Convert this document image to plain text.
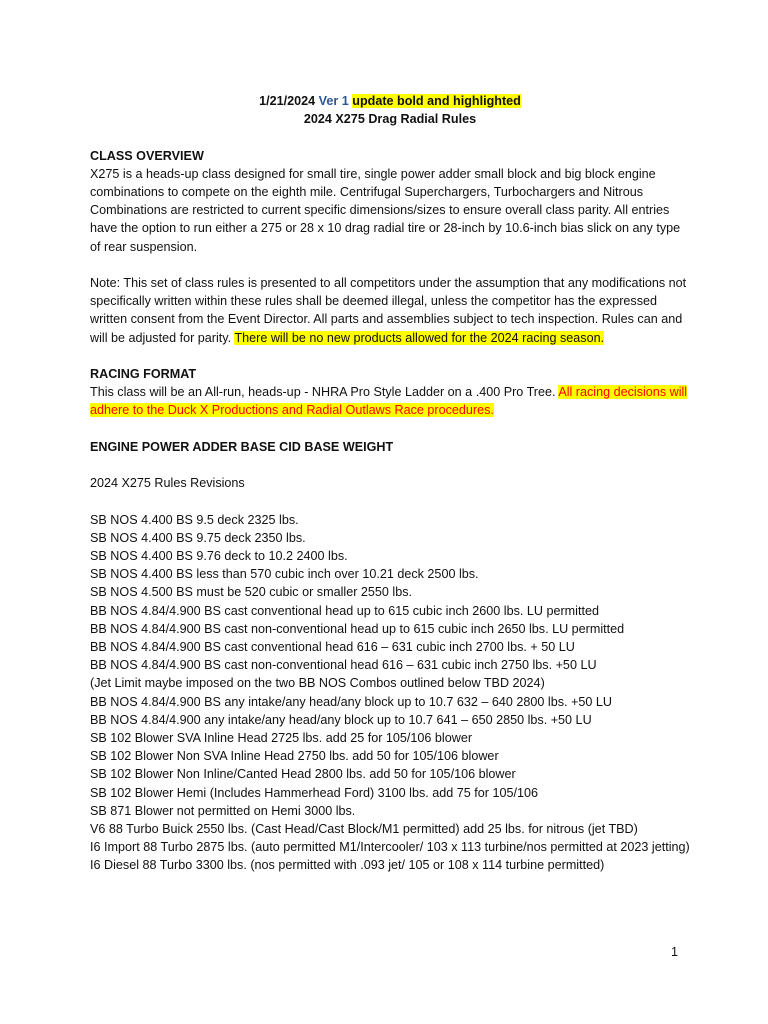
1/21/2024 Ver 1 update bold and highlighted

2024 X275 Drag Radial Rules

CLASS OVERVIEW

X275 is a heads-up class designed for small tire, single power adder small block and big block engine combinations to compete on the eighth mile. Centrifugal Superchargers, Turbochargers and Nitrous Combinations are restricted to current specific dimensions/sizes to ensure overall class parity. All entries have the option to run either a 275 or 28 x 10 drag radial tire or 28-inch by 10.6-inch bias slick on any type of rear suspension.

Note: This set of class rules is presented to all competitors under the assumption that any modifications not specifically written within these rules shall be deemed illegal, unless the competitor has the expressed written consent from the Event Director. All parts and assemblies subject to tech inspection. Rules can and will be adjusted for parity. There will be no new products allowed for the 2024 racing season.

RACING FORMAT

This class will be an All-run, heads-up - NHRA Pro Style Ladder on a .400 Pro Tree. All racing decisions will adhere to the Duck X Productions and Radial Outlaws Race procedures.

ENGINE POWER ADDER BASE CID BASE WEIGHT

2024 X275 Rules Revisions

SB NOS 4.400 BS 9.5 deck 2325 lbs.

SB NOS 4.400 BS 9.75 deck 2350 lbs.

SB NOS 4.400 BS 9.76 deck to 10.2 2400 lbs.

SB NOS 4.400 BS less than 570 cubic inch over 10.21 deck 2500 lbs.

SB NOS 4.500 BS must be 520 cubic or smaller 2550 lbs.

BB NOS 4.84/4.900 BS cast conventional head up to 615 cubic inch 2600 lbs. LU permitted

BB NOS 4.84/4.900 BS cast non-conventional head up to 615 cubic inch 2650 lbs. LU permitted

BB NOS 4.84/4.900 BS cast conventional head 616 – 631 cubic inch 2700 lbs. + 50 LU

BB NOS 4.84/4.900 BS cast non-conventional head 616 – 631 cubic inch 2750 lbs. +50 LU

(Jet Limit maybe imposed on the two BB NOS Combos outlined below TBD 2024)

BB NOS 4.84/4.900 BS any intake/any head/any block up to 10.7 632 – 640 2800 lbs. +50 LU

BB NOS 4.84/4.900 any intake/any head/any block up to 10.7 641 – 650 2850 lbs. +50 LU

SB 102 Blower SVA Inline Head 2725 lbs. add 25 for 105/106 blower

SB 102 Blower Non SVA Inline Head 2750 lbs. add 50 for 105/106 blower

SB 102 Blower Non Inline/Canted Head 2800 lbs. add 50 for 105/106 blower

SB 102 Blower Hemi (Includes Hammerhead Ford) 3100 lbs. add 75 for 105/106

SB 871 Blower not permitted on Hemi 3000 lbs.

V6 88 Turbo Buick 2550 lbs. (Cast Head/Cast Block/M1 permitted) add 25 lbs. for nitrous (jet TBD)

I6 Import 88 Turbo 2875 lbs. (auto permitted M1/Intercooler/ 103 x 113 turbine/nos permitted at 2023 jetting)

I6 Diesel 88 Turbo 3300 lbs. (nos permitted with .093 jet/ 105 or 108 x 114 turbine permitted)

1
